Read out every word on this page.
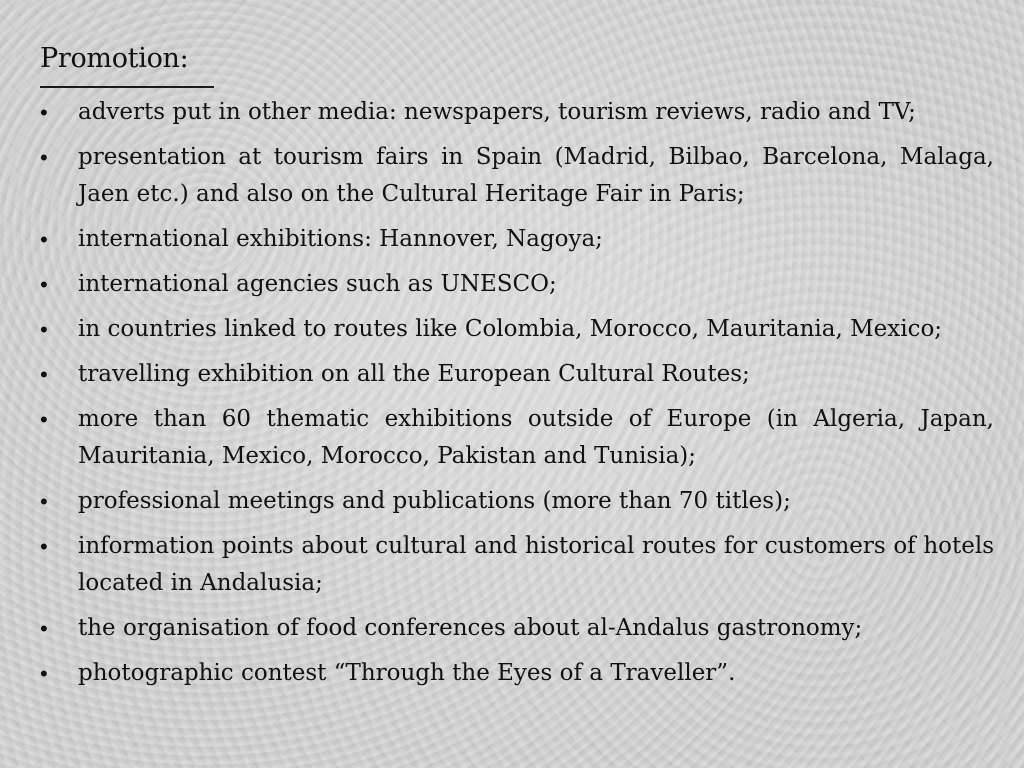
Promotion:
• adverts put in other media: newspapers, tourism reviews, radio and TV;
• presentation at tourism fairs in Spain (Madrid, Bilbao, Barcelona, Malaga, Jaen etc.) and also on the Cultural Heritage Fair in Paris;
• international exhibitions: Hannover, Nagoya;
• international agencies such as UNESCO;
• in countries linked to routes like Colombia, Morocco, Mauritania, Mexico;
• travelling exhibition on all the European Cultural Routes;
• more than 60 thematic exhibitions outside of Europe (in Algeria, Japan, Mauritania, Mexico, Morocco, Pakistan and Tunisia);
• professional meetings and publications (more than 70 titles);
• information points about cultural and historical routes for customers of hotels located in Andalusia;
• the organisation of food conferences about al-Andalus gastronomy;
• photographic contest “Through the Eyes of a Traveller”.
